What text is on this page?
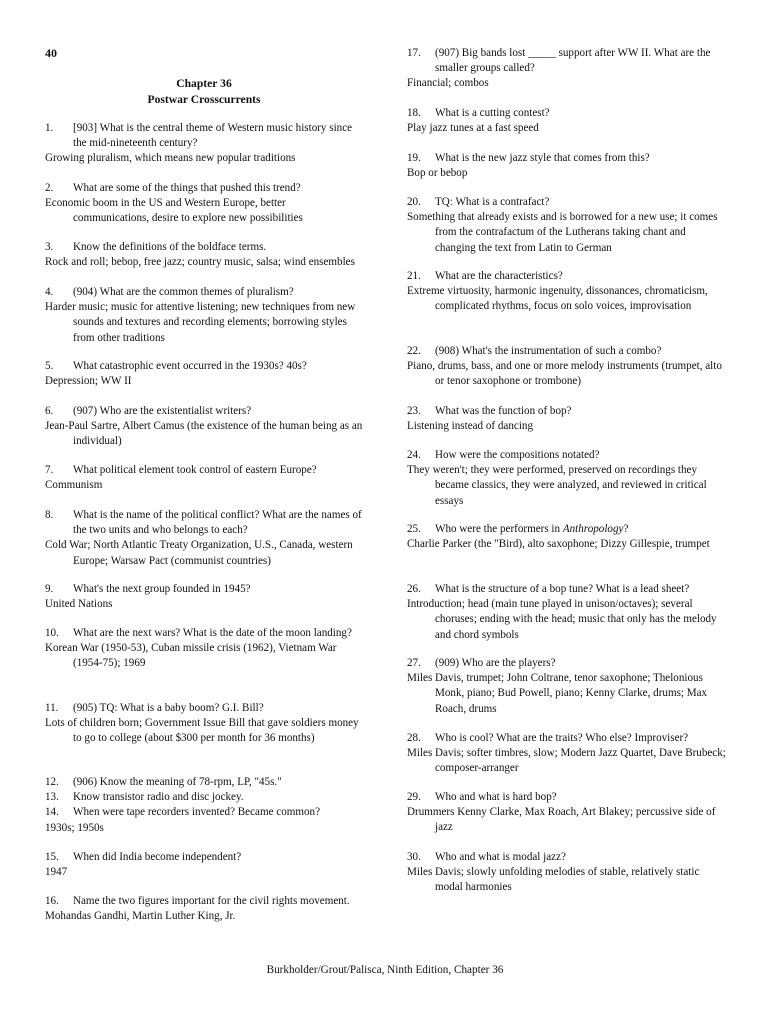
40
Chapter 36
Postwar Crosscurrents
1. [903] What is the central theme of Western music history since the mid-nineteenth century?
Growing pluralism, which means new popular traditions
2. What are some of the things that pushed this trend?
Economic boom in the US and Western Europe, better communications, desire to explore new possibilities
3. Know the definitions of the boldface terms.
Rock and roll; bebop, free jazz; country music, salsa; wind ensembles
4. (904) What are the common themes of pluralism?
Harder music; music for attentive listening; new techniques from new sounds and textures and recording elements; borrowing styles from other traditions
5. What catastrophic event occurred in the 1930s? 40s?
Depression; WW II
6. (907) Who are the existentialist writers?
Jean-Paul Sartre, Albert Camus (the existence of the human being as an individual)
7. What political element took control of eastern Europe?
Communism
8. What is the name of the political conflict? What are the names of the two units and who belongs to each?
Cold War; North Atlantic Treaty Organization, U.S., Canada, western Europe; Warsaw Pact (communist countries)
9. What's the next group founded in 1945?
United Nations
10. What are the next wars? What is the date of the moon landing?
Korean War (1950-53), Cuban missile crisis (1962), Vietnam War (1954-75); 1969
11. (905) TQ: What is a baby boom? G.I. Bill?
Lots of children born; Government Issue Bill that gave soldiers money to go to college (about $300 per month for 36 months)
12. (906) Know the meaning of 78-rpm, LP, "45s."
13. Know transistor radio and disc jockey.
14. When were tape recorders invented? Became common?
1930s; 1950s
15. When did India become independent?
1947
16. Name the two figures important for the civil rights movement.
Mohandas Gandhi, Martin Luther King, Jr.
17. (907) Big bands lost _____ support after WW II. What are the smaller groups called?
Financial; combos
18. What is a cutting contest?
Play jazz tunes at a fast speed
19. What is the new jazz style that comes from this?
Bop or bebop
20. TQ: What is a contrafact?
Something that already exists and is borrowed for a new use; it comes from the contrafactum of the Lutherans taking chant and changing the text from Latin to German
21. What are the characteristics?
Extreme virtuosity, harmonic ingenuity, dissonances, chromaticism, complicated rhythms, focus on solo voices, improvisation
22. (908) What's the instrumentation of such a combo?
Piano, drums, bass, and one or more melody instruments (trumpet, alto or tenor saxophone or trombone)
23. What was the function of bop?
Listening instead of dancing
24. How were the compositions notated?
They weren't; they were performed, preserved on recordings they became classics, they were analyzed, and reviewed in critical essays
25. Who were the performers in Anthropology?
Charlie Parker (the "Bird), alto saxophone; Dizzy Gillespie, trumpet
26. What is the structure of a bop tune? What is a lead sheet?
Introduction; head (main tune played in unison/octaves); several choruses; ending with the head; music that only has the melody and chord symbols
27. (909) Who are the players?
Miles Davis, trumpet; John Coltrane, tenor saxophone; Thelonious Monk, piano; Bud Powell, piano; Kenny Clarke, drums; Max Roach, drums
28. Who is cool? What are the traits? Who else? Improviser?
Miles Davis; softer timbres, slow; Modern Jazz Quartet, Dave Brubeck; composer-arranger
29. Who and what is hard bop?
Drummers Kenny Clarke, Max Roach, Art Blakey; percussive side of jazz
30. Who and what is modal jazz?
Miles Davis; slowly unfolding melodies of stable, relatively static modal harmonies
Burkholder/Grout/Palisca, Ninth Edition, Chapter 36
